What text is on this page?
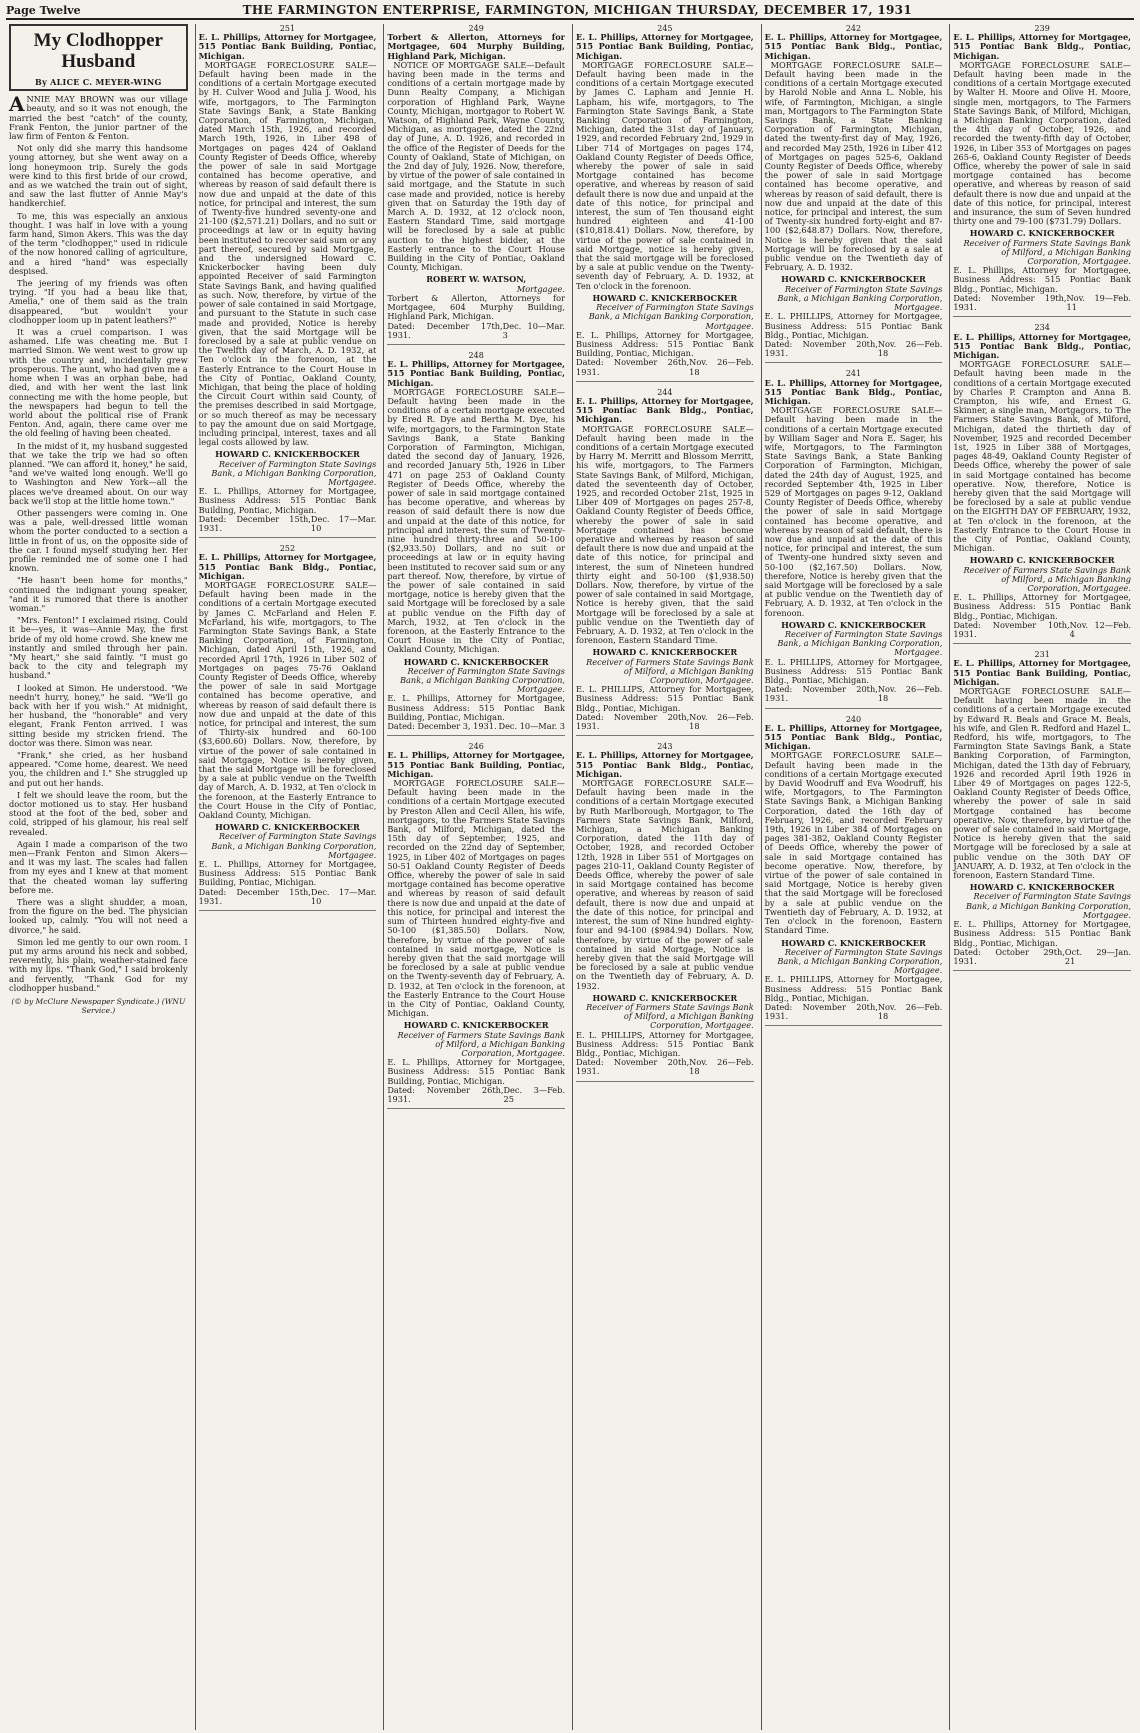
Page Twelve	THE FARMINGTON ENTERPRISE, FARMINGTON, MICHIGAN THURSDAY, DECEMBER 17, 1931
My Clodhopper Husband
By ALICE C. MEYER-WING

ANNIE MAY BROWN was our village beauty, and so it was not enough, the married the best "catch" of the county, Frank Fenton, the junior partner of the law firm of Fenton & Fenton.

Not only did she marry this handsome young attorney, but she went away on a long honeymoon trip. Surely the gods were kind to this first bride of our crowd, and as we watched the train out of sight, and saw the last flutter of Annie May's handkerchief.

To me, this was especially an anxious thought. I was half in love with a young farm hand, Simon Akers. This was the day of the term "clodhopper," used in ridicule of the now honored calling of agriculture, and a hired "hand" was especially despised.

The jeering of my friends was often trying. "If you had a beau like that, Amelia," one of them said as the train disappeared, "but wouldn't your clodhopper loom up in patent leathers?"

It was a cruel comparison. I was ashamed. Life was cheating me. But I married Simon. We went west to grow up with the country and, incidentally grew prosperous. The aunt, who had given me a home when I was an orphan babe, had died, and with her went the last link connecting me with the home people, but the newspapers had begun to tell the world about the political rise of Frank Fenton. And, again, there came over me the old feeling of having been cheated.

In the midst of it, my husband suggested that we take the trip we had so often planned. "We can afford it, honey," he said, "and we've waited long enough. We'll go to Washington and New York—all the places we've dreamed about. On our way back we'll stop at the little home town."

Other passengers were coming in. One was a pale, well-dressed little woman whom the porter conducted to a section a little in front of us, on the opposite side of the car. I found myself studying her. Her profile reminded me of some one I had known.

"He hasn't been home for months," continued the indignant young speaker, "and it is rumored that there is another woman."

"Mrs. Fenton!" I exclaimed rising. Could it be—yes, it was—Annie May, the first bride of my old home crowd. She knew me instantly and smiled through her pain. "My heart," she said faintly. "I must go back to the city and telegraph my husband."

I looked at Simon. He understood. "We needn't hurry, honey," he said. "We'll go back with her if you wish." At midnight, her husband, the "honorable" and very elegant, Frank Fenton arrived. I was sitting beside my stricken friend. The doctor was there. Simon was near.

"Frank," she cried, as her husband appeared. "Come home, dearest. We need you, the children and I." She struggled up and put out her hands.

I felt we should leave the room, but the doctor motioned us to stay. Her husband stood at the foot of the bed, sober and cold, stripped of his glamour, his real self revealed.

Again I made a comparison of the two men—Frank Fenton and Simon Akers—and it was my last. The scales had fallen from my eyes and I knew at that moment that the cheated woman lay suffering before me.

There was a slight shudder, a moan, from the figure on the bed. The physician looked up, calmly. "You will not need a divorce," he said.

Simon led me gently to our own room. I put my arms around his neck and sobbed, reverently, his plain, weather-stained face with my lips. "Thank God," I said brokenly and fervently, "Thank God for my clodhopper husband."

(© by McClure Newspaper Syndicate.) (WNU Service.)
251
E. L. Phillips, Attorney for Mortgagee, 515 Pontiac Bank Building, Pontiac, Michigan.

MORTGAGE FORECLOSURE SALE—Default having been made in the conditions of a certain Mortgage executed by H. Culver Wood and Julia J. Wood, his wife, mortgagors, to The Farmington State Savings Bank, a State Banking Corporation, of Farmington, Michigan, dated March 15th, 1926, and recorded March 19th, 1926, in Liber 498 of Mortgages on pages 424 of Oakland County Register of Deeds Office, whereby the power of sale in said Mortgage contained has become operative, and whereas by reason of said default there is now due and unpaid at the date of this notice, for principal and interest, the sum of Twenty-five hundred seventy-one and 21-100 ($2,571.21) Dollars, and no suit or proceedings at law or in equity having been instituted to recover said sum or any part thereof, secured by said Mortgage, and the undersigned Howard C. Knickerbocker having been duly appointed Receiver of said Farmington State Savings Bank, and having qualified as such. Now, therefore, by virtue of the power of sale contained in said Mortgage, and pursuant to the Statute in such case made and provided, Notice is hereby given, that the said Mortgage will be foreclosed by a sale at public vendue on the Twelfth day of March, A. D. 1932, at Ten o'clock in the forenoon, at the Easterly Entrance to the Court House in the City of Pontiac, Oakland County, Michigan, that being the place of holding the Circuit Court within said County, of the premises described in said Mortgage, or so much thereof as may be necessary to pay the amount due on said Mortgage, including principal, interest, taxes and all legal costs allowed by law.

HOWARD C. KNICKERBOCKER
Receiver of Farmington State Savings Bank, a Michigan Banking Corporation, Mortgagee.
E. L. Phillips, Attorney for Mortgagee, Business Address: 515 Pontiac Bank Building, Pontiac, Michigan.
Dated: December 15th, 1931.
Dec. 17—Mar. 10
252
E. L. Phillips, Attorney for Mortgagee, 515 Pontiac Bank Bldg., Pontiac, Michigan.

MORTGAGE FORECLOSURE SALE—Default having been made in the conditions of a certain Mortgage executed by James C. McFarland and Helen F. McFarland, his wife, mortgagors, to The Farmington State Savings Bank, a State Banking Corporation, of Farmington, Michigan, dated April 15th, 1926, and recorded April 17th, 1926 in Liber 502 of Mortgages on pages 75-76 Oakland County Register of Deeds Office, whereby the power of sale in said Mortgage contained has become operative, and whereas by reason of said default there is now due and unpaid at the date of this notice, for principal and interest, the sum of Thirty-six hundred and 60-100 ($3,600.60) Dollars. Now, therefore, by virtue of the power of sale contained in said Mortgage, Notice is hereby given, that the said Mortgage will be foreclosed by a sale at public vendue on the Twelfth day of March, A. D. 1932, at Ten o'clock in the forenoon, at the Easterly Entrance to the Court House in the City of Pontiac, Oakland County, Michigan.

HOWARD C. KNICKERBOCKER
Receiver of Farmington State Savings Bank, a Michigan Banking Corporation, Mortgagee.
E. L. Phillips, Attorney for Mortgagee, Business Address: 515 Pontiac Bank Building, Pontiac, Michigan.
Dated: December 15th, 1931.
Dec. 17—Mar. 10
249
Torbert & Allerton, Attorneys for Mortgagee, 604 Murphy Building, Highland Park, Michigan.

NOTICE OF MORTGAGE SALE—Default having been made in the terms and conditions of a certain mortgage made by Dunn Realty Company, a Michigan corporation of Highland Park, Wayne County, Michigan, mortgagor to Robert W. Watson, of Highland Park, Wayne County, Michigan, as mortgagee, dated the 22nd day of June, A. D. 1926, and recorded in the office of the Register of Deeds for the County of Oakland, State of Michigan, on the 2nd day of July, 1926. Now, therefore, by virtue of the power of sale contained in said mortgage, and the Statute in such case made and provided, notice is hereby given that on Saturday the 19th day of March A. D. 1932, at 12 o'clock noon, Eastern Standard Time, said mortgage will be foreclosed by a sale at public auction to the highest bidder, at the Easterly entrance to the Court House Building in the City of Pontiac, Oakland County, Michigan.

ROBERT W. WATSON,
Mortgagee.
Torbert & Allerton, Attorneys for Mortgagee, 604 Murphy Building, Highland Park, Michigan.
Dated: December 17th, 1931.
Dec. 10—Mar. 3
248
E. L. Phillips, Attorney for Mortgagee, 515 Pontiac Bank Building, Pontiac, Michigan.

MORTGAGE FORECLOSURE SALE—Default having been made in the conditions of a certain mortgage executed by Ered R. Dye and Bertha M. Dye, his wife, mortgagors, to the Farmington State Savings Bank, a State Banking Corporation of Farmington, Michigan, dated the second day of January, 1926, and recorded January 5th, 1926 in Liber 471 on page 253 of Oakland County Register of Deeds Office, whereby the power of sale in said mortgage contained has become operative, and whereas by reason of said default there is now due and unpaid at the date of this notice, for principal and interest, the sum of Twenty-nine hundred thirty-three and 50-100 ($2,933.50) Dollars, and no suit or proceedings at law or in equity having been instituted to recover said sum or any part thereof. Now, therefore, by virtue of the power of sale contained in said mortgage, notice is hereby given that the said Mortgage will be foreclosed by a sale at public vendue on the Fifth day of March, 1932, at Ten o'clock in the forenoon, at the Easterly Entrance to the Court House in the City of Pontiac, Oakland County, Michigan.

HOWARD C. KNICKERBOCKER
Receiver of Farmington State Savings Bank, a Michigan Banking Corporation, Mortgagee.
E. L. Phillips, Attorney for Mortgagee, Business Address: 515 Pontiac Bank Building, Pontiac, Michigan.
Dated: December 3, 1931. Dec. 10—Mar. 3
246
E. L. Phillips, Attorney for Mortgagee, 515 Pontiac Bank Building, Pontiac, Michigan.

MORTGAGE FORECLOSURE SALE—Default having been made in the conditions of a certain Mortgage executed by Preston Allen and Cecil Allen, his wife, mortgagors, to the Farmers State Savings Bank, of Milford, Michigan, dated the 15th day of September, 1925, and recorded on the 22nd day of September, 1925, in Liber 402 of Mortgages on pages 50-51 Oakland County Register of Deeds Office, whereby the power of sale in said mortgage contained has become operative and whereas by reason of said default there is now due and unpaid at the date of this notice, for principal and interest the sum of Thirteen hundred eighty-five and 50-100 ($1,385.50) Dollars. Now, therefore, by virtue of the power of sale contained in said mortgage, Notice is hereby given that the said mortgage will be foreclosed by a sale at public vendue on the Twenty-seventh day of February, A. D. 1932, at Ten o'clock in the forenoon, at the Easterly Entrance to the Court House in the City of Pontiac, Oakland County, Michigan.

HOWARD C. KNICKERBOCKER
Receiver of Farmers State Savings Bank of Milford, a Michigan Banking Corporation, Mortgagee.
E. L. Phillips, Attorney for Mortgagee, Business Address: 515 Pontiac Bank Building, Pontiac, Michigan.
Dated: November 26th, 1931.
Dec. 3—Feb. 25
245
E. L. Phillips, Attorney for Mortgagee, 515 Pontiac Bank Building, Pontiac, Michigan.

MORTGAGE FORECLOSURE SALE—Default having been made in the conditions of a certain Mortgage executed by James C. Lapham and Jennie H. Lapham, his wife, mortgagors, to The Farmington State Savings Bank, a State Banking Corporation of Farmington, Michigan, dated the 31st day of January, 1929, and recorded February 2nd, 1929 in Liber 714 of Mortgages on pages 174, Oakland County Register of Deeds Office, whereby the power of sale in said Mortgage contained has become operative, and whereas by reason of said default there is now due and unpaid at the date of this notice, for principal and interest, the sum of Ten thousand eight hundred eighteen and 41-100 ($10,818.41) Dollars. Now, therefore, by virtue of the power of sale contained in said Mortgage, notice is hereby given, that the said mortgage will be foreclosed by a sale at public vendue on the Twenty-seventh day of February, A. D. 1932, at Ten o'clock in the forenoon.

HOWARD C. KNICKERBOCKER
Receiver of Farmington State Savings Bank, a Michigan Banking Corporation, Mortgagee.
E. L. Phillips, Attorney for Mortgagee, Business Address: 515 Pontiac Bank Building, Pontiac, Michigan.
Dated: November 26th, 1931.
Nov. 26—Feb. 18
244
E. L. Phillips, Attorney for Mortgagee, 515 Pontiac Bank Bldg., Pontiac, Michigan.

MORTGAGE FORECLOSURE SALE—Default having been made in the conditions of a certain Mortgage executed by Harry M. Merritt and Blossom Merritt, his wife, mortgagors, to The Farmers State Savings Bank, of Milford, Michigan, dated the seventeenth day of October, 1925, and recorded October 21st, 1925 in Liber 409 of Mortgages on pages 257-8, Oakland County Register of Deeds Office, whereby the power of sale in said Mortgage contained has become operative and whereas by reason of said default there is now due and unpaid at the date of this notice, for principal and interest, the sum of Nineteen hundred thirty eight and 50-100 ($1,938.50) Dollars. Now, therefore, by virtue of the power of sale contained in said Mortgage, Notice is hereby given, that the said Mortgage will be foreclosed by a sale at public vendue on the Twentieth day of February, A. D. 1932, at Ten o'clock in the forenoon, Eastern Standard Time.

HOWARD C. KNICKERBOCKER
Receiver of Farmers State Savings Bank of Milford, a Michigan Banking Corporation, Mortgagee.
E. L. PHILLIPS, Attorney for Mortgagee, Business Address: 515 Pontiac Bank Bldg., Pontiac, Michigan.
Dated: November 20th, 1931.
Nov. 26—Feb. 18
243
E. L. Phillips, Attorney for Mortgagee, 515 Pontiac Bank Bldg., Pontiac, Michigan.

MORTGAGE FORECLOSURE SALE—Default having been made in the conditions of a certain Mortgage executed by Ruth Marlborough, Mortgagor, to The Farmers State Savings Bank, Milford, Michigan, a Michigan Banking Corporation, dated the 11th day of October, 1928, and recorded October 12th, 1928 in Liber 551 of Mortgages on pages 210-11, Oakland County Register of Deeds Office, whereby the power of sale in said Mortgage contained has become operative, and whereas by reason of said default, there is now due and unpaid at the date of this notice, for principal and interest, the sum of Nine hundred eighty-four and 94-100 ($984.94) Dollars. Now, therefore, by virtue of the power of sale contained in said Mortgage, Notice is hereby given that the said Mortgage will be foreclosed by a sale at public vendue on the Twentieth day of February, A. D. 1932.

HOWARD C. KNICKERBOCKER
Receiver of Farmers State Savings Bank of Milford, a Michigan Banking Corporation, Mortgagee.
E. L. PHILLIPS, Attorney for Mortgagee, Business Address: 515 Pontiac Bank Bldg., Pontiac, Michigan.
Dated: November 20th, 1931.
Nov. 26—Feb. 18
242
E. L. Phillips, Attorney for Mortgagee, 515 Pontiac Bank Bldg., Pontiac, Michigan.

MORTGAGE FORECLOSURE SALE—Default having been made in the conditions of a certain Mortgage executed by Harold Noble and Anna L. Noble, his wife, of Farmington, Michigan, a single man, Mortgagors to The Farmington State Savings Bank, a State Banking Corporation of Farmington, Michigan, dated the twenty-first day of May, 1926, and recorded May 25th, 1926 in Liber 412 of Mortgages on pages 525-6, Oakland County Register of Deeds Office, whereby the power of sale in said Mortgage contained has become operative, and whereas by reason of said default, there is now due and unpaid at the date of this notice, for principal and interest, the sum of Twenty-six hundred forty-eight and 87-100 ($2,648.87) Dollars. Now, therefore, Notice is hereby given that the said Mortgage will be foreclosed by a sale at public vendue on the Twentieth day of February, A. D. 1932.

HOWARD C. KNICKERBOCKER
Receiver of Farmington State Savings Bank, a Michigan Banking Corporation, Mortgagee.
E. L. PHILLIPS, Attorney for Mortgagee, Business Address: 515 Pontiac Bank Bldg., Pontiac, Michigan.
Dated: November 20th, 1931.
Nov. 26—Feb. 18
241
E. L. Phillips, Attorney for Mortgagee, 515 Pontiac Bank Bldg., Pontiac, Michigan.

MORTGAGE FORECLOSURE SALE—Default having been made in the conditions of a certain Mortgage executed by William Sager and Nora E. Sager, his wife, Mortgagors, to The Farmington State Savings Bank, a State Banking Corporation of Farmington, Michigan, dated the 24th day of August, 1925, and recorded September 4th, 1925 in Liber 529 of Mortgages on pages 9-12, Oakland County Register of Deeds Office, whereby the power of sale in said Mortgage contained has become operative, and whereas by reason of said default, there is now due and unpaid at the date of this notice, for principal and interest, the sum of Twenty-one hundred sixty seven and 50-100 ($2,167.50) Dollars. Now, therefore, Notice is hereby given that the said Mortgage will be foreclosed by a sale at public vendue on the Twentieth day of February, A. D. 1932, at Ten o'clock in the forenoon.

HOWARD C. KNICKERBOCKER
Receiver of Farmington State Savings Bank, a Michigan Banking Corporation, Mortgagee.
E. L. PHILLIPS, Attorney for Mortgagee, Business Address: 515 Pontiac Bank Bldg., Pontiac, Michigan.
Dated: November 20th, 1931.
Nov. 26—Feb. 18
240
E. L. Phillips, Attorney for Mortgagee, 515 Pontiac Bank Bldg., Pontiac, Michigan.

MORTGAGE FORECLOSURE SALE—Default having been made in the conditions of a certain Mortgage executed by David Woodruff and Eva Woodruff, his wife, Mortgagors, to The Farmington State Savings Bank, a Michigan Banking Corporation, dated the 16th day of February, 1926, and recorded February 19th, 1926 in Liber 384 of Mortgages on pages 381-382, Oakland County Register of Deeds Office, whereby the power of sale in said Mortgage contained has become operative. Now, therefore, by virtue of the power of sale contained in said Mortgage, Notice is hereby given that the said Mortgage will be foreclosed by a sale at public vendue on the Twentieth day of February, A. D. 1932, at Ten o'clock in the forenoon, Eastern Standard Time.

HOWARD C. KNICKERBOCKER
Receiver of Farmington State Savings Bank, a Michigan Banking Corporation, Mortgagee.
E. L. PHILLIPS, Attorney for Mortgagee, Business Address: 515 Pontiac Bank Bldg., Pontiac, Michigan.
Dated: November 20th, 1931.
Nov. 26—Feb. 18
239
E. L. Phillips, Attorney for Mortgagee, 515 Pontiac Bank Bldg., Pontiac, Michigan.

MORTGAGE FORECLOSURE SALE—Default having been made in the conditions of a certain Mortgage executed by Walter H. Moore and Olive H. Moore, single men, mortgagors, to The Farmers State Savings Bank, of Milford, Michigan, a Michigan Banking Corporation, dated the 4th day of October, 1926, and recorded the twenty-fifth day of October, 1926, in Liber 353 of Mortgages on pages 265-6, Oakland County Register of Deeds Office, whereby the power of sale in said mortgage contained has become operative, and whereas by reason of said default there is now due and unpaid at the date of this notice, for principal, interest and insurance, the sum of Seven hundred thirty one and 79-100 ($731.79) Dollars.

HOWARD C. KNICKERBOCKER
Receiver of Farmers State Savings Bank of Milford, a Michigan Banking Corporation, Mortgagee.
E. L. Phillips, Attorney for Mortgagee, Business Address: 515 Pontiac Bank Bldg., Pontiac, Michigan.
Dated: November 19th, 1931.
Nov. 19—Feb. 11
234
E. L. Phillips, Attorney for Mortgagee, 515 Pontiac Bank Bldg., Pontiac, Michigan.

MORTGAGE FORECLOSURE SALE—Default having been made in the conditions of a certain Mortgage executed by Charles P. Crampton and Anna B. Crampton, his wife, and Ernest G. Skinner, a single man, Mortgagors, to The Farmers State Savings Bank, of Milford, Michigan, dated the thirtieth day of November, 1925 and recorded December 1st, 1925 in Liber 388 of Mortgages, pages 48-49, Oakland County Register of Deeds Office, whereby the power of sale in said Mortgage contained has become operative. Now, therefore, Notice is hereby given that the said Mortgage will be foreclosed by a sale at public vendue on the EIGHTH DAY OF FEBRUARY, 1932, at Ten o'clock in the forenoon, at the Easterly Entrance to the Court House in the City of Pontiac, Oakland County, Michigan.

HOWARD C. KNICKERBOCKER
Receiver of Farmers State Savings Bank of Milford, a Michigan Banking Corporation, Mortgagee.
E. L. Phillips, Attorney for Mortgagee, Business Address: 515 Pontiac Bank Bldg., Pontiac, Michigan.
Dated: November 10th, 1931.
Nov. 12—Feb. 4
231
E. L. Phillips, Attorney for Mortgagee, 515 Pontiac Bank Building, Pontiac, Michigan.

MORTGAGE FORECLOSURE SALE—Default having been made in the conditions of a certain Mortgage executed by Edward R. Beals and Grace M. Beals, his wife, and Glen R. Redford and Hazel L. Redford, his wife, mortgagors, to The Farmington State Savings Bank, a State Banking Corporation, of Farmington, Michigan, dated the 13th day of February, 1926 and recorded April 19th 1926 in Liber 49 of Mortgages on pages 122-5, Oakland County Register of Deeds Office, whereby the power of sale in said Mortgage contained has become operative. Now, therefore, by virtue of the power of sale contained in said Mortgage, Notice is hereby given that the said Mortgage will be foreclosed by a sale at public vendue on the 30th DAY OF JANUARY, A. D. 1932, at Ten o'clock in the forenoon, Eastern Standard Time.

HOWARD C. KNICKERBOCKER
Receiver of Farmington State Savings Bank, a Michigan Banking Corporation, Mortgagee.
E. L. Phillips, Attorney for Mortgagee, Business Address: 515 Pontiac Bank Bldg., Pontiac, Michigan.
Dated: October 29th, 1931.
Oct. 29—Jan. 21
